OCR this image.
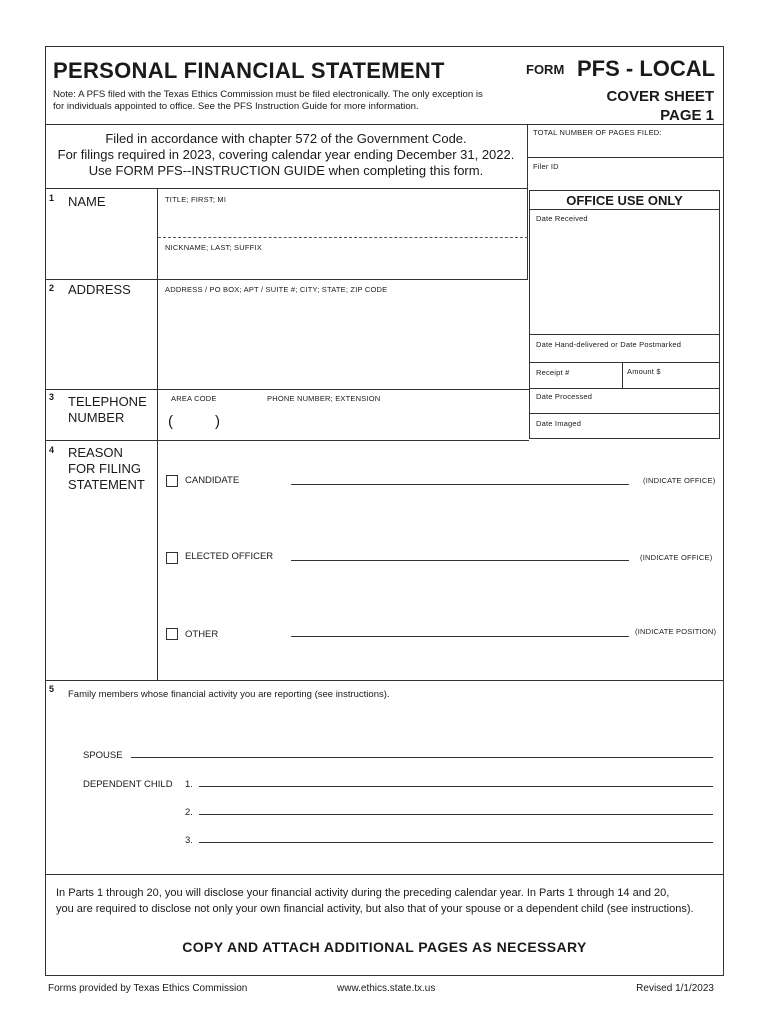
PERSONAL FINANCIAL STATEMENT
Note: A PFS filed with the Texas Ethics Commission must be filed electronically. The only exception is
for individuals appointed to office. See the PFS Instruction Guide for more information.
FORM PFS - LOCAL
COVER SHEET
PAGE 1
Filed in accordance with chapter 572 of the Government Code.
For filings required in 2023, covering calendar year ending December 31, 2022.
Use FORM PFS--INSTRUCTION GUIDE when completing this form.
TOTAL NUMBER OF PAGES FILED:
Filer ID
OFFICE USE ONLY
Date Received
Date Hand-delivered or Date Postmarked
Receipt #	Amount $
Date Processed
Date Imaged
1 NAME	TITLE; FIRST; MI
NICKNAME; LAST; SUFFIX
2 ADDRESS	ADDRESS / PO BOX; APT / SUITE #; CITY; STATE; ZIP CODE
3 TELEPHONE
NUMBER
AREA CODE	PHONE NUMBER; EXTENSION
(	)
4 REASON
FOR FILING
STATEMENT	CANDIDATE	(INDICATE OFFICE)
ELECTED OFFICER	(INDICATE OFFICE)
OTHER	(INDICATE POSITION)
5 Family members whose financial activity you are reporting (see instructions).
SPOUSE
DEPENDENT CHILD 1.
2.
3.
In Parts 1 through 20, you will disclose your financial activity during the preceding calendar year. In Parts 1 through 14 and 20,
you are required to disclose not only your own financial activity, but also that of your spouse or a dependent child (see instructions).
COPY AND ATTACH ADDITIONAL PAGES AS NECESSARY
Forms provided by Texas Ethics Commission	www.ethics.state.tx.us	Revised 1/1/2023
